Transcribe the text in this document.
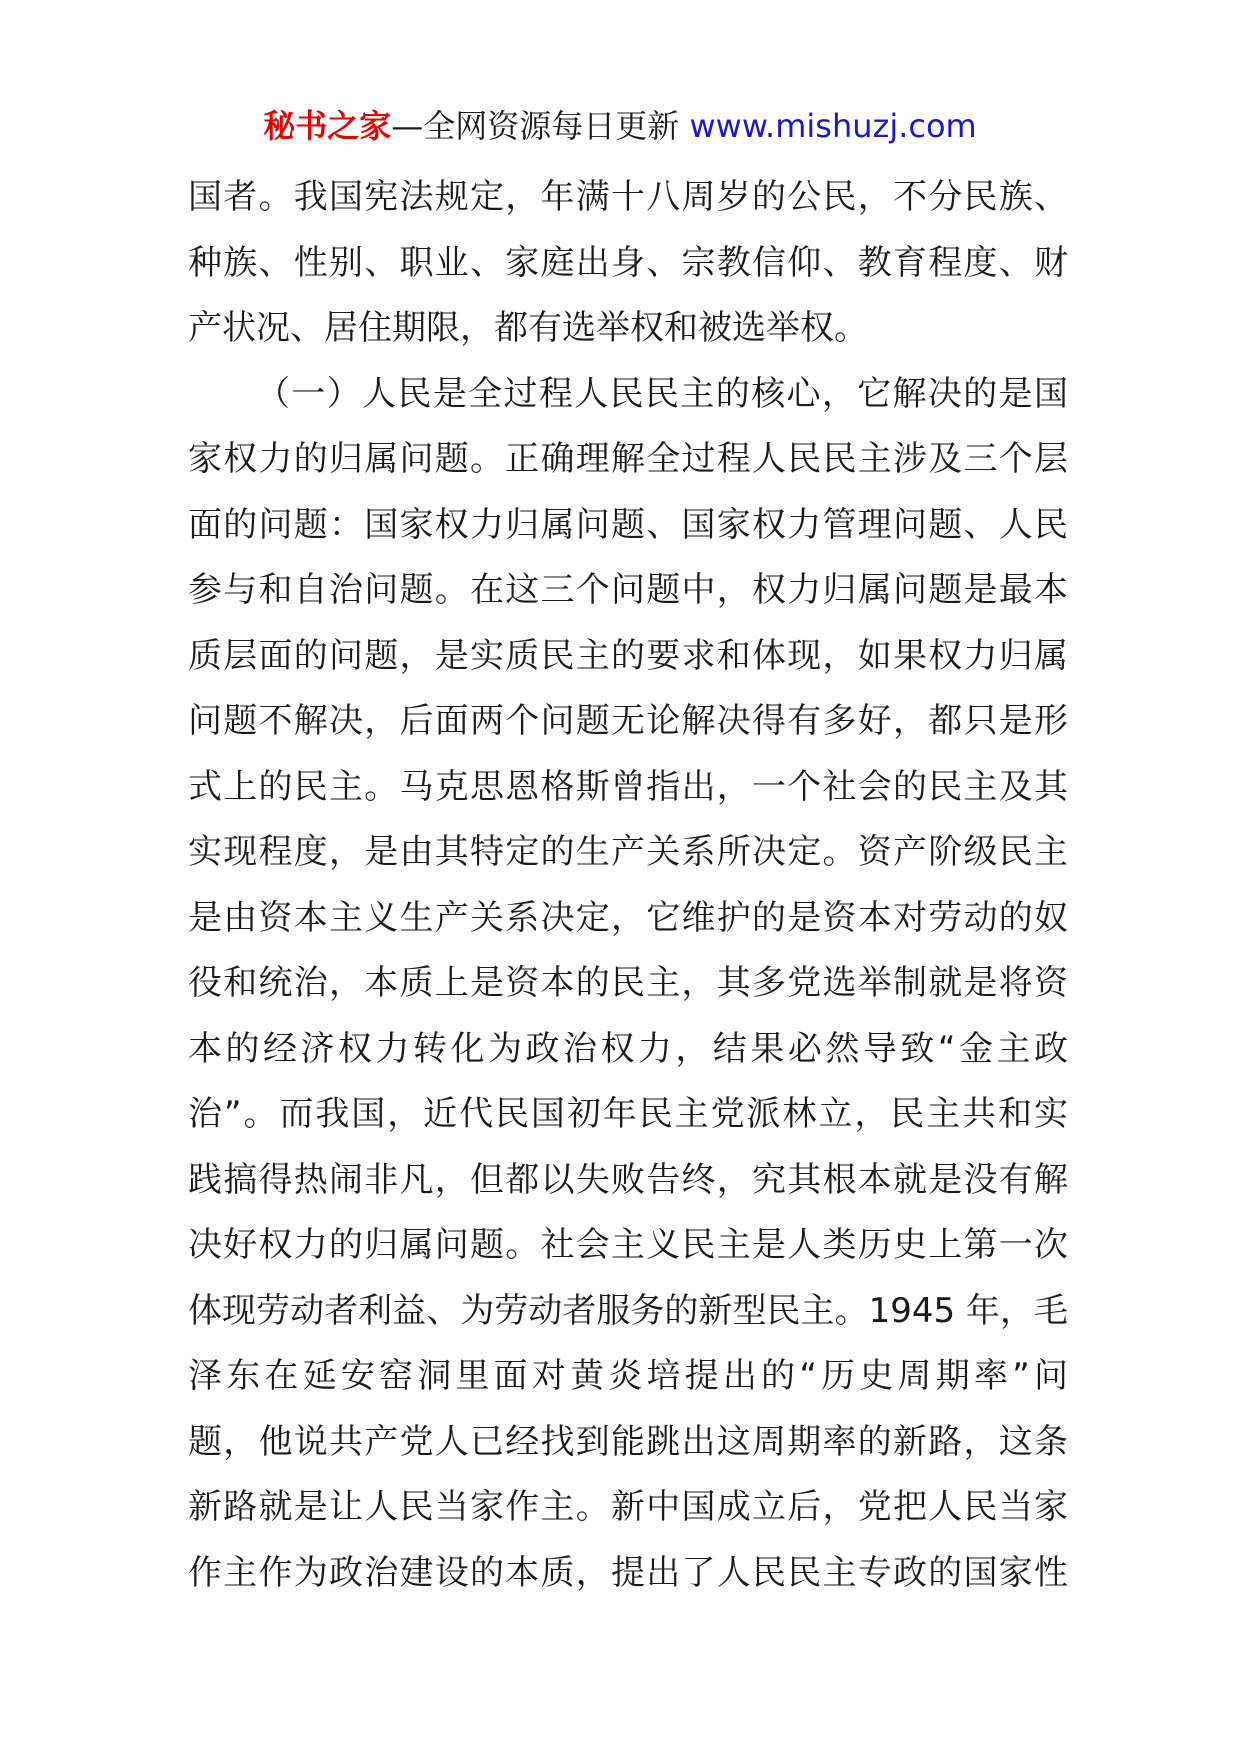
秘书之家—全网资源每日更新 www.mishuzj.com
国者。我国宪法规定，年满十八周岁的公民，不分民族、
种族、性别、职业、家庭出身、宗教信仰、教育程度、财
产状况、居住期限，都有选举权和被选举权。
（一）人民是全过程人民民主的核心，它解决的是国
家权力的归属问题。正确理解全过程人民民主涉及三个层
面的问题：国家权力归属问题、国家权力管理问题、人民
参与和自治问题。在这三个问题中，权力归属问题是最本
质层面的问题，是实质民主的要求和体现，如果权力归属
问题不解决，后面两个问题无论解决得有多好，都只是形
式上的民主。马克思恩格斯曾指出，一个社会的民主及其
实现程度，是由其特定的生产关系所决定。资产阶级民主
是由资本主义生产关系决定，它维护的是资本对劳动的奴
役和统治，本质上是资本的民主，其多党选举制就是将资
本的经济权力转化为政治权力，结果必然导致“金主政
治”。而我国，近代民国初年民主党派林立，民主共和实
践搞得热闹非凡，但都以失败告终，究其根本就是没有解
决好权力的归属问题。社会主义民主是人类历史上第一次
体现劳动者利益、为劳动者服务的新型民主。1945 年，毛
泽东在延安窑洞里面对黄炎培提出的“历史周期率”问
题，他说共产党人已经找到能跳出这周期率的新路，这条
新路就是让人民当家作主。新中国成立后，党把人民当家
作主作为政治建设的本质，提出了人民民主专政的国家性
